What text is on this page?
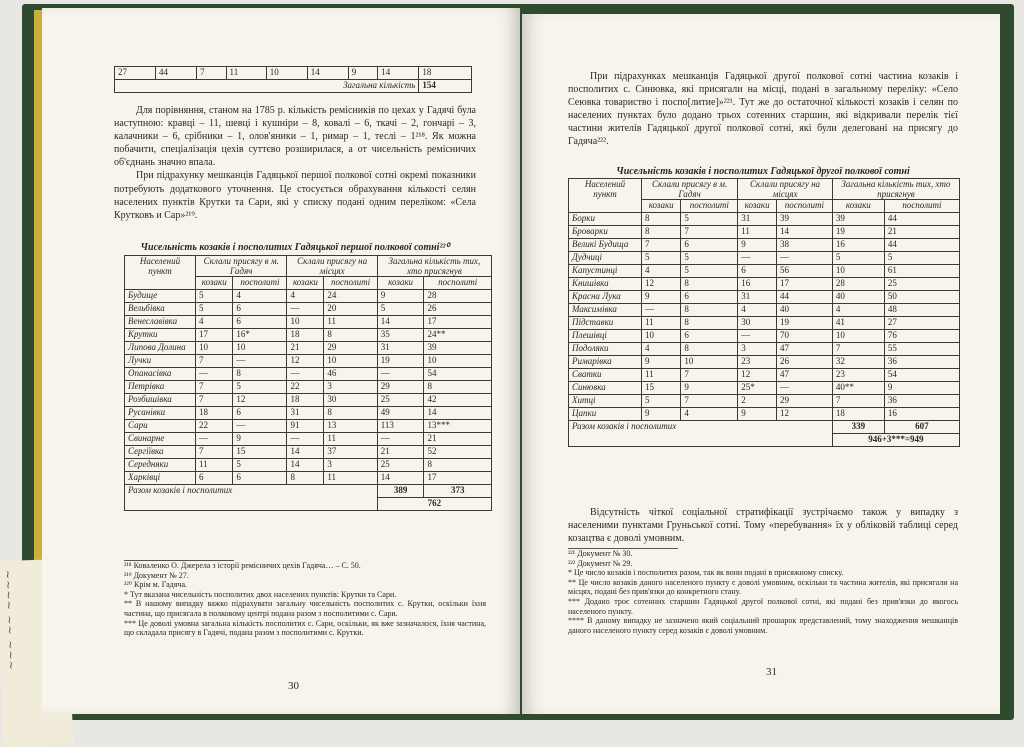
~~~ ~~ ~~~~
27	44	7	11	10	14	9	14	18
Загальна кількість								154

Для порівняння, станом на 1785 р. кількість ремісників по цехах у Гадячі була наступною: кравці – 11, шевці і кушніри – 8, ковалі – 6, ткачі – 2, гончарі – 3, калачники – 6, срібники – 1, олов'яники – 1, римар – 1, теслі – 1²¹⁸. Як можна побачити, спеціалізація цехів суттєво розширилася, а от чисельність ремісничих об'єднань значно впала.

При підрахунку мешканців Гадяцької першої полкової сотні окремі показники потребують додаткового уточнення. Це стосується обрахування кількості селян населених пунктів Крутки та Сари, які у списку подані одним переліком: «Села Крутковъ и Сар»²¹⁹.

Чисельність козаків і посполитих Гадяцької першої полкової сотні²²⁰

Населений пункт	Склали присягу в м. Гадяч		Склали присягу на місцях		Загальна кількість тих, хто присягнув	
	козаки	посполиті	козаки	посполиті	козаки	посполиті
Будище	5	4	4	24	9	28
Вельбівка	5	6	—	20	5	26
Венеславівка	4	6	10	11	14	17
Крутки	17	16*	18	8	35	24**
Липова Долина	10	10	21	29	31	39
Лучки	7	—	12	10	19	10
Опанасівка	—	8	—	46	—	54
Петрівка	7	5	22	3	29	8
Розбишівка	7	12	18	30	25	42
Русанівка	18	6	31	8	49	14
Сари	22	—	91	13	113	13***
Свинарне	—	9	—	11	—	21
Сергіївка	7	15	14	37	21	52
Середняки	11	5	14	3	25	8
Харківці	6	6	8	11	14	17
Разом козаків і посполитих					389	373
					762	

²¹⁸ Коваленко О. Джерела з історії ремісничих цехів Гадяча… – С. 50.

²¹⁹ Документ № 27.

²²⁰ Крім м. Гадяча.

* Тут вказана чисельність посполитих двох населених пунктів: Крутки та Сари.

** В нашому випадку важко підрахувати загальну чисельність посполитих с. Крутки, оскільки їхня частина, що присягала в полковому центрі подана разом з посполитими с. Сари.

*** Це доволі умовна загальна кількість посполитих с. Сари, оскільки, як вже зазначалося, їхня частина, що складала присягу в Гадячі, подана разом з посполитими с. Крутки.

30

При підрахунках мешканців Гадяцької другої полкової сотні частина козаків і посполитих с. Синювка, які присягали на місці, подані в загальному переліку: «Село Сеювка товариство і поспо[литие]»²²¹. Тут же до остаточної кількості козаків і селян по населених пунктах було додано трьох сотенних старшин, які відкривали перелік тієї частини жителів Гадяцької другої полкової сотні, які були делеговані на присягу до Гадяча²²².

Чисельність козаків і посполитих Гадяцької другої полкової сотні

Населений пункт	Склали присягу в м. Гадяч		Склали присягу на місцях		Загальна кількість тих, хто присягнув	
	козаки	посполиті	козаки	посполиті	козаки	посполиті
Борки	8	5	31	39	39	44
Броварки	8	7	11	14	19	21
Великі Будища	7	6	9	38	16	44
Дудчиці	5	5	—	—	5	5
Капустинці	4	5	6	56	10	61
Книшівка	12	8	16	17	28	25
Красна Лука	9	6	31	44	40	50
Максимівка	—	8	4	40	4	48
Підставки	11	8	30	19	41	27
Плешівці	10	6	—	70	10	76
Подоляки	4	8	3	47	7	55
Римарівка	9	10	23	26	32	36
Сватки	11	7	12	47	23	54
Синювка	15	9	25*	—	40**	9
Хитці	5	7	2	29	7	36
Цапки	9	4	9	12	18	16
Разом козаків і посполитих					339	607
					946+3***=949	

Відсутність чіткої соціальної стратифікації зустрічаємо також у випадку з населеними пунктами Груньської сотні. Тому «перебування» їх у обліковій таблиці серед козацтва є доволі умовним.

²²¹ Документ № 30.

²²² Документ № 29.

* Це число козаків і посполитих разом, так як вони подані в присяжному списку.

** Це число козаків даного населеного пункту є доволі умовним, оскільки та частина жителів, які присягали на місцях, подані без прив'язки до конкретного стану.

*** Додано троє сотенних старшин Гадяцької другої полкової сотні, які подані без прив'язки до якогось населеного пункту.

**** В даному випадку не зазначено який соціальний прошарок представлений, тому знаходження мешканців даного населеного пункту серед козаків є доволі умовним.

31
